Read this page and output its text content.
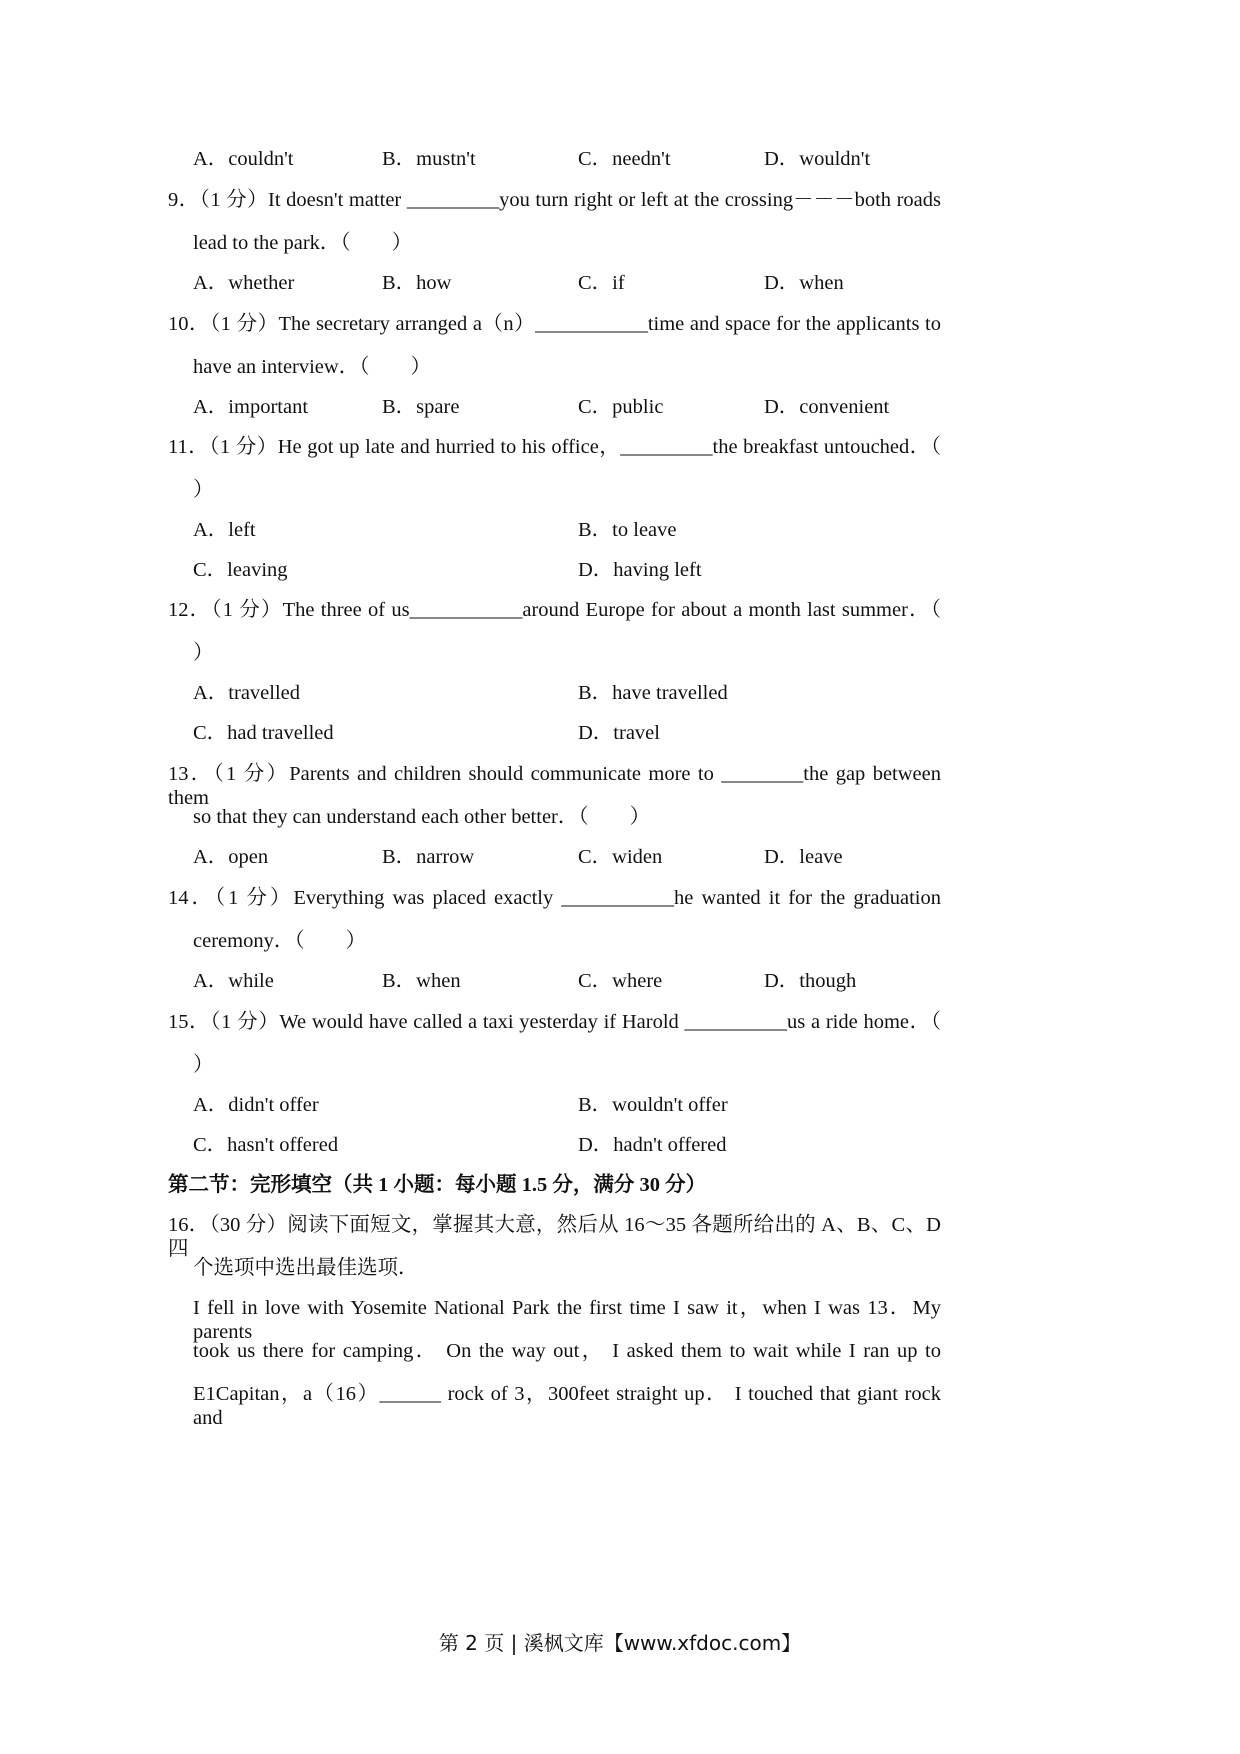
A．couldn't	B．mustn't	C．needn't	D．wouldn't
9．（1 分）It doesn't matter _________you turn right or left at the crossing－－－both roads
lead to the park．（　　）
A．whether	B．how	C．if	D．when
10．（1 分）The secretary arranged a（n）___________time and space for the applicants to
have an interview．（　　）
A．important	B．spare	C．public	D．convenient
11．（1 分）He got up late and hurried to his office，_________the breakfast untouched．（
）
A．left	B．to leave
C．leaving	D．having left
12．（1 分）The three of us___________around Europe for about a month last summer．（
）
A．travelled	B．have travelled
C．had travelled	D．travel
13．（1 分）Parents and children should communicate more to ________the gap between them
so that they can understand each other better．（　　）
A．open	B．narrow	C．widen	D．leave
14．（1 分）Everything was placed exactly ___________he wanted it for the graduation
ceremony．（　　）
A．while	B．when	C．where	D．though
15．（1 分）We would have called a taxi yesterday if Harold __________us a ride home．（
）
A．didn't offer	B．wouldn't offer
C．hasn't offered	D．hadn't offered
第二节：完形填空（共 1 小题：每小题 1.5 分，满分 30 分）
16．（30 分）阅读下面短文，掌握其大意，然后从 16～35 各题所给出的 A、B、C、D 四
个选项中选出最佳选项．
I fell in love with Yosemite National Park the first time I saw it，when I was 13．My parents
took us there for camping． On the way out， I asked them to wait while I ran up to
E1Capitan，a（16）______ rock of 3，300feet straight up． I touched that giant rock and
第 2 页 | 溪枫文库【www.xfdoc.com】
